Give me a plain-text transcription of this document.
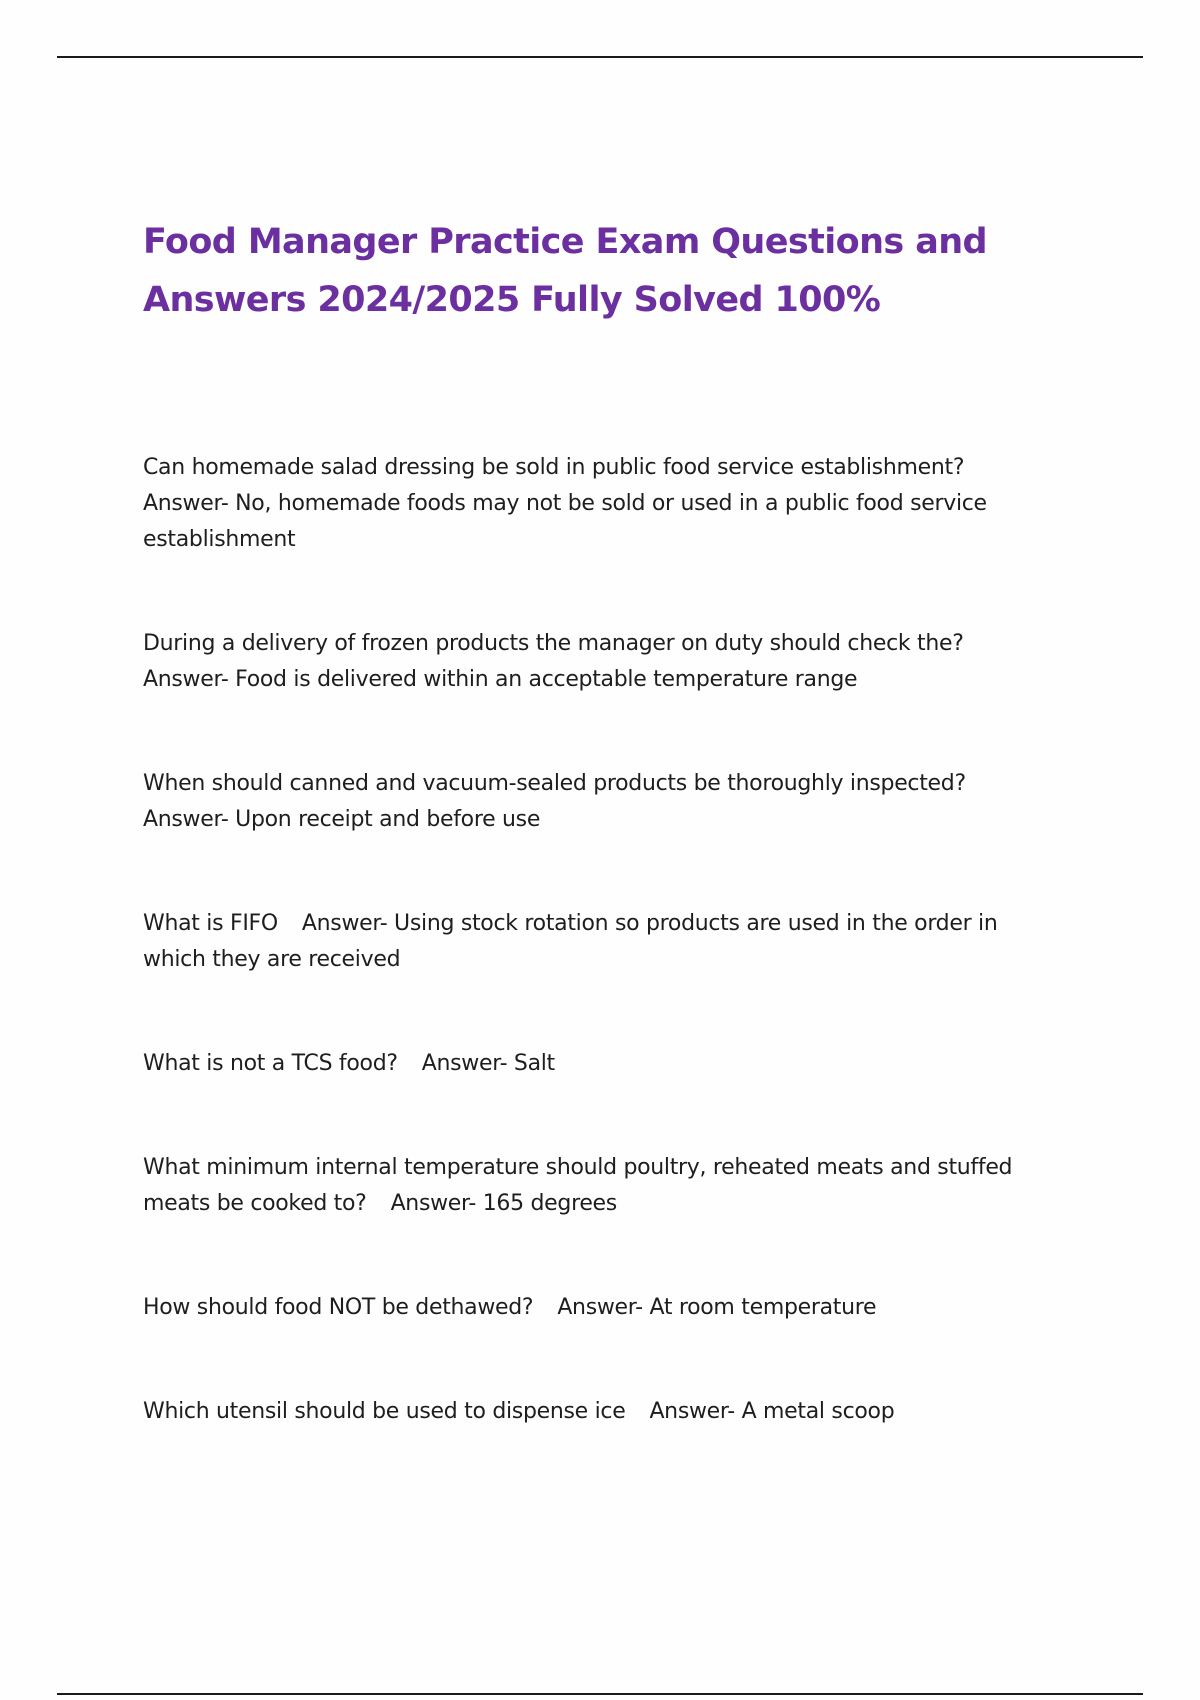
Food Manager Practice Exam Questions and
Answers 2024/2025 Fully Solved 100%

Can homemade salad dressing be sold in public food service establishment?
Answer- No, homemade foods may not be sold or used in a public food service
establishment

During a delivery of frozen products the manager on duty should check the?
Answer- Food is delivered within an acceptable temperature range

When should canned and vacuum-sealed products be thoroughly inspected?
Answer- Upon receipt and before use

What is FIFO Answer- Using stock rotation so products are used in the order in
which they are received

What is not a TCS food? Answer- Salt

What minimum internal temperature should poultry, reheated meats and stuffed
meats be cooked to? Answer- 165 degrees

How should food NOT be dethawed? Answer- At room temperature

Which utensil should be used to dispense ice Answer- A metal scoop
